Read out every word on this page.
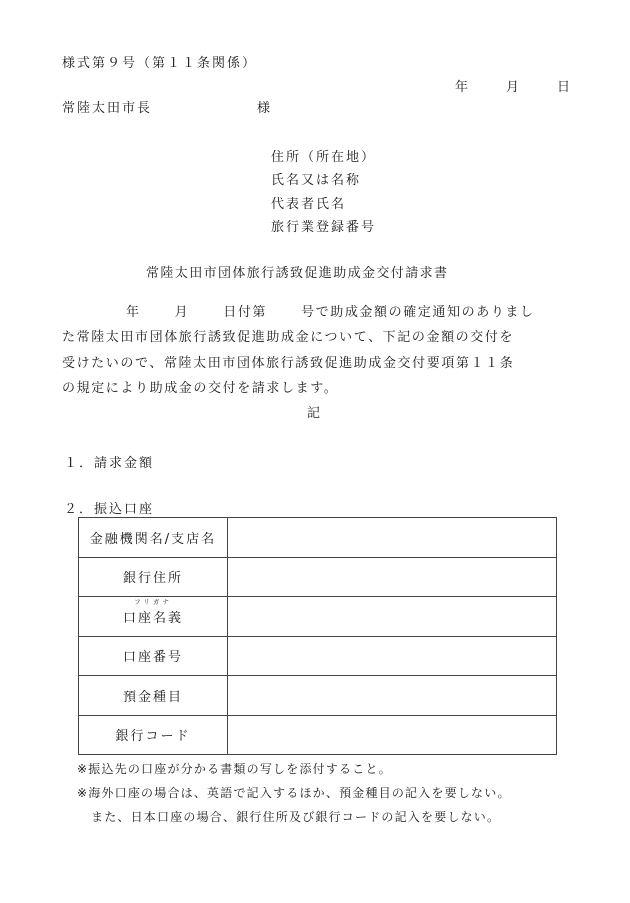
様式第９号（第１１条関係）
年	月	日
常陸太田市長	様
住所（所在地）
氏名又は名称
代表者氏名
旅行業登録番号
常陸太田市団体旅行誘致促進助成金交付請求書
年	月	日付第	号で助成金額の確定通知のありまし
た常陸太田市団体旅行誘致促進助成金について、下記の金額の交付を
受けたいので、常陸太田市団体旅行誘致促進助成金交付要項第１１条
の規定により助成金の交付を請求します。
記
１．請求金額
２．振込口座
金融機関名/支店名	
銀行住所	

フリガナ
口座名義	
口座番号	
預金種目	
銀行コード	
※振込先の口座が分かる書類の写しを添付すること。
※海外口座の場合は、英語で記入するほか、預金種目の記入を要しない。
また、日本口座の場合、銀行住所及び銀行コードの記入を要しない。
